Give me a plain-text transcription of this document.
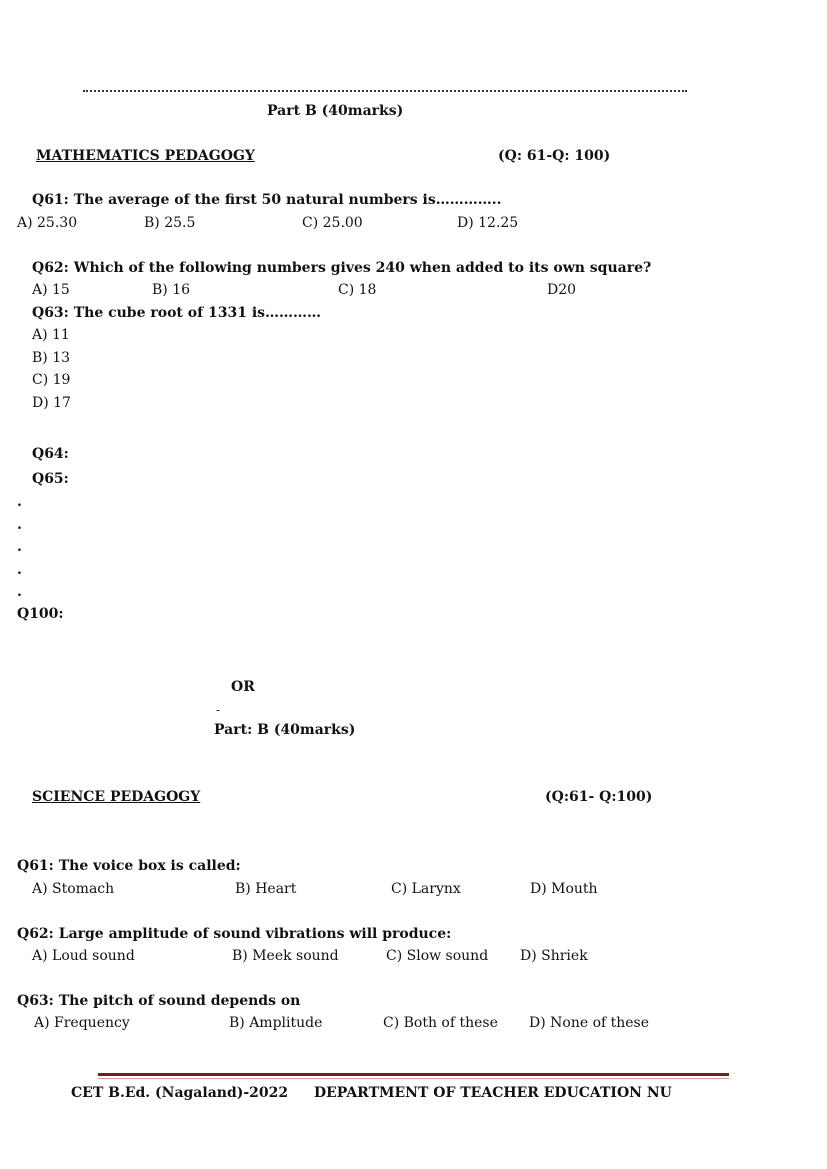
Part B (40marks)
MATHEMATICS PEDAGOGY	(Q: 61-Q: 100)
Q61: The average of the first 50 natural numbers is…………..
A) 25.30	B) 25.5	C) 25.00	D) 12.25
Q62: Which of the following numbers gives 240 when added to its own square?
A) 15	B) 16	C) 18	D20
Q63: The cube root of 1331 is…………
A) 11
B) 13
C) 19
D) 17
Q64:
Q65:
.
.
.
.
.
Q100:
OR
-
Part: B (40marks)
SCIENCE PEDAGOGY	(Q:61- Q:100)
Q61: The voice box is called:
A) Stomach	B) Heart	C) Larynx	D) Mouth
Q62: Large amplitude of sound vibrations will produce:
A) Loud sound	B) Meek sound	C) Slow sound D) Shriek
Q63: The pitch of sound depends on
A) Frequency	B) Amplitude	C) Both of these D) None of these
CET B.Ed. (Nagaland)-2022 DEPARTMENT OF TEACHER EDUCATION NU
